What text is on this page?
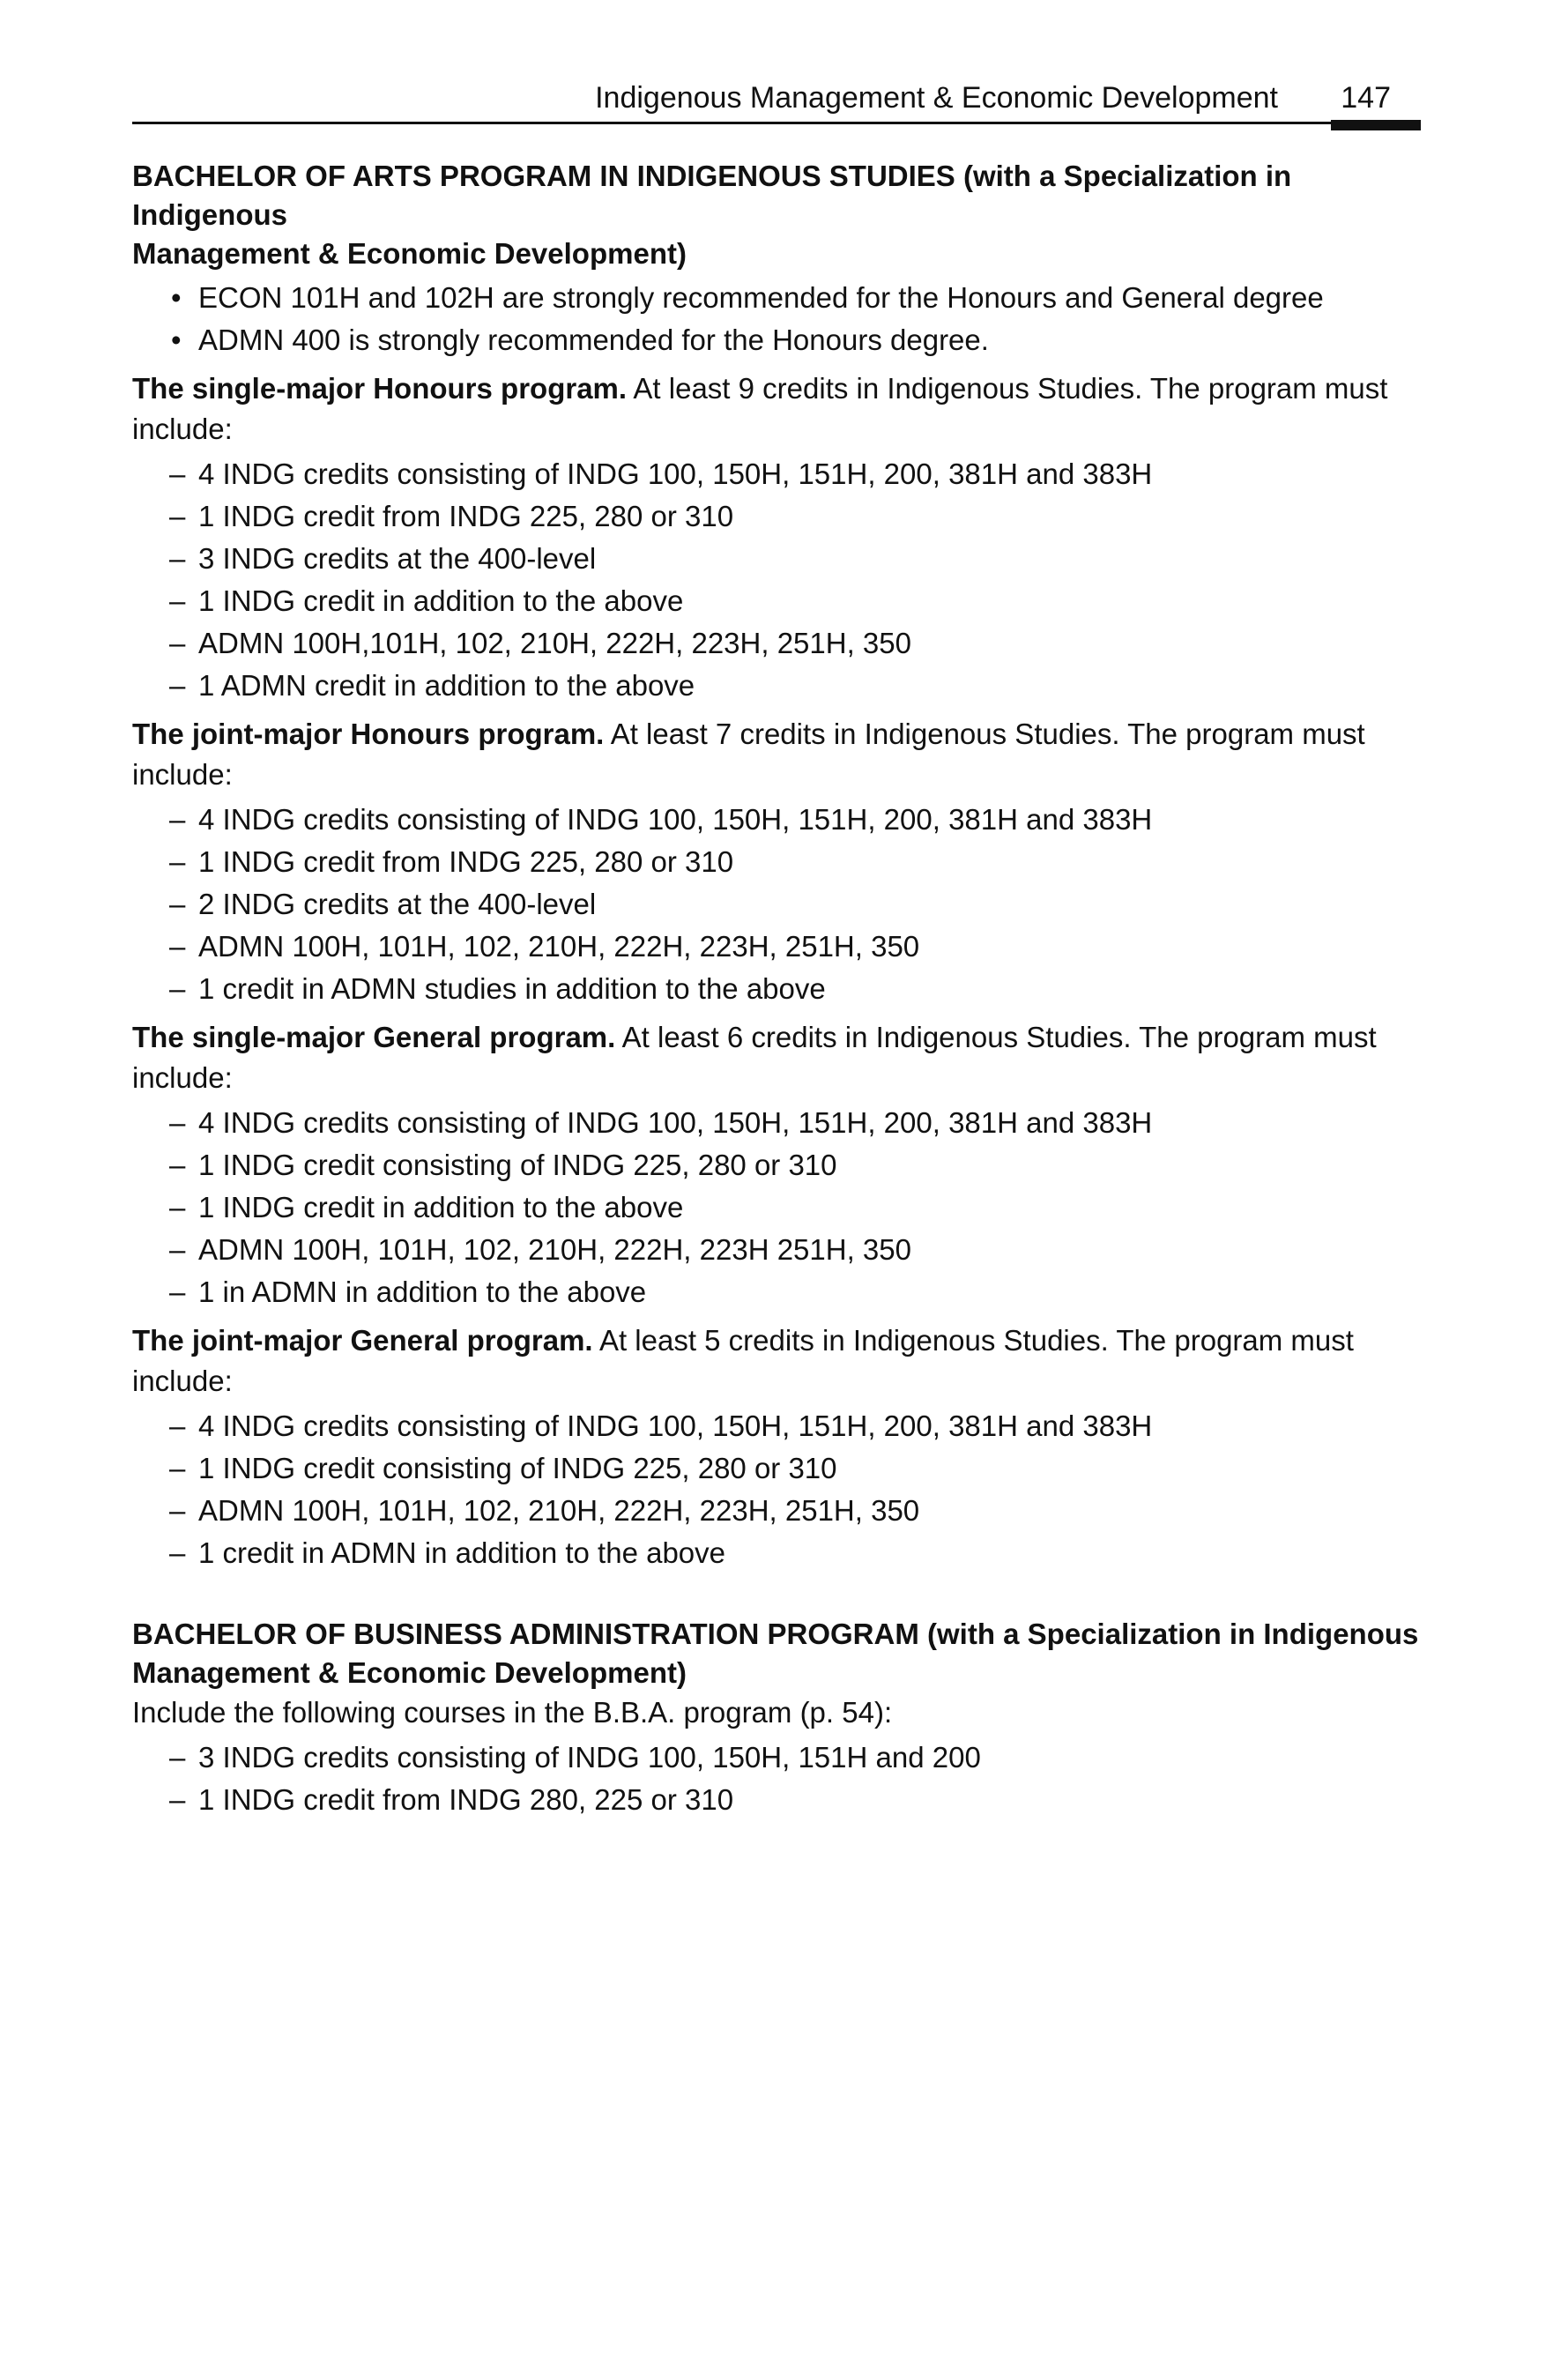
Indigenous Management & Economic Development 147

BACHELOR OF ARTS PROGRAM IN INDIGENOUS STUDIES (with a Specialization in Indigenous
Management & Economic Development)

• ECON 101H and 102H are strongly recommended for the Honours and General degree
• ADMN 400 is strongly recommended for the Honours degree.

The single-major Honours program. At least 9 credits in Indigenous Studies. The program must include:

– 4 INDG credits consisting of INDG 100, 150H, 151H, 200, 381H and 383H
– 1 INDG credit from INDG 225, 280 or 310
– 3 INDG credits at the 400-level
– 1 INDG credit in addition to the above
– ADMN 100H,101H, 102, 210H, 222H, 223H, 251H, 350
– 1 ADMN credit in addition to the above

The joint-major Honours program. At least 7 credits in Indigenous Studies. The program must include:

– 4 INDG credits consisting of INDG 100, 150H, 151H, 200, 381H and 383H
– 1 INDG credit from INDG 225, 280 or 310
– 2 INDG credits at the 400-level
– ADMN 100H, 101H, 102, 210H, 222H, 223H, 251H, 350
– 1 credit in ADMN studies in addition to the above

The single-major General program. At least 6 credits in Indigenous Studies. The program must include:

– 4 INDG credits consisting of INDG 100, 150H, 151H, 200, 381H and 383H
– 1 INDG credit consisting of INDG 225, 280 or 310
– 1 INDG credit in addition to the above
– ADMN 100H, 101H, 102, 210H, 222H, 223H 251H, 350
– 1 in ADMN in addition to the above

The joint-major General program. At least 5 credits in Indigenous Studies. The program must include:

– 4 INDG credits consisting of INDG 100, 150H, 151H, 200, 381H and 383H
– 1 INDG credit consisting of INDG 225, 280 or 310
– ADMN 100H, 101H, 102, 210H, 222H, 223H, 251H, 350
– 1 credit in ADMN in addition to the above

BACHELOR OF BUSINESS ADMINISTRATION PROGRAM (with a Specialization in Indigenous
Management & Economic Development)

Include the following courses in the B.B.A. program (p. 54):

– 3 INDG credits consisting of INDG 100, 150H, 151H and 200
– 1 INDG credit from INDG 280, 225 or 310
